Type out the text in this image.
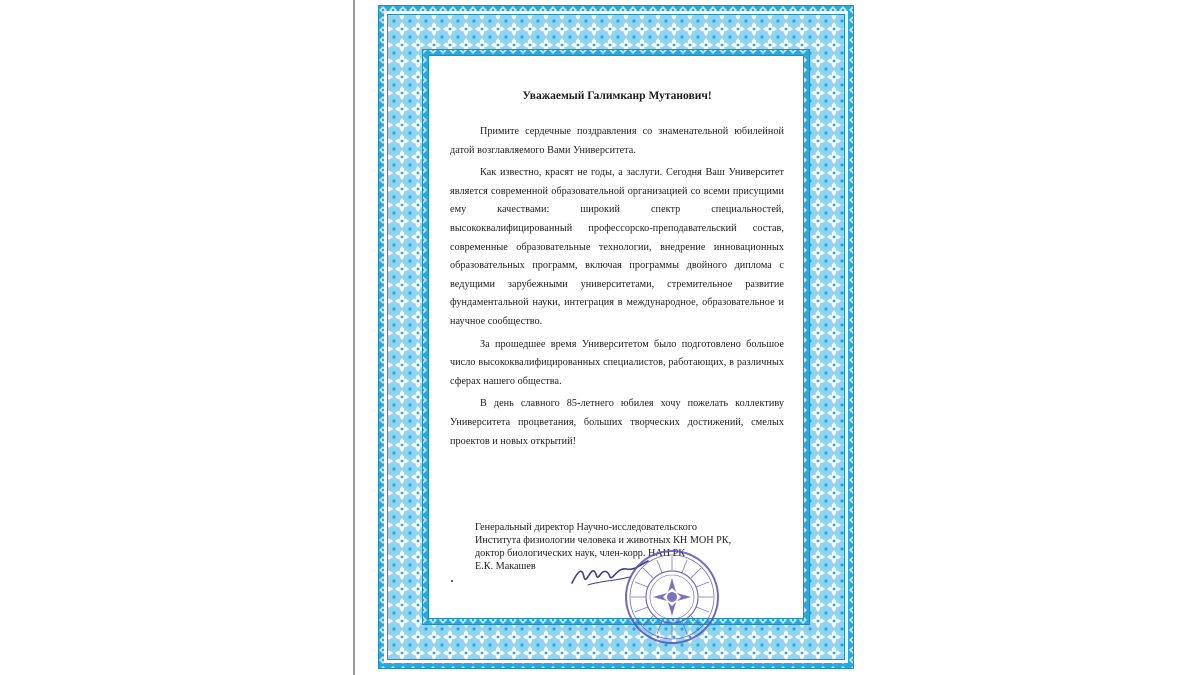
Уважаемый Галимканр Мутанович!

Примите сердечные поздравления со знаменательной юбилейной датой возглавляемого Вами Университета.

Как известно, красят не годы, а заслуги. Сегодня Ваш Университет является современной образовательной организацией со всеми присущими ему качествами: широкий спектр специальностей, высококвалифицированный профессорско-преподавательский состав, современные образовательные технологии, внедрение инновационных образовательных программ, включая программы двойного диплома с ведущими зарубежными университетами, стремительное развитие фундаментальной науки, интеграция в международное, образовательное и научное сообщество.

За прошедшее время Университетом было подготовлено большое число высококвалифицированных специалистов, работающих, в различных сферах нашего общества.

В день славного 85-летнего юбилея хочу пожелать коллективу Университета процветания, больших творческих достижений, смелых проектов и новых открытий!

Генеральный директор Научно-исследовательского
Института физиологии человека и животных КН МОН РК,
доктор биологических наук, член-корр. НАН РК
Е.К. Макашев
